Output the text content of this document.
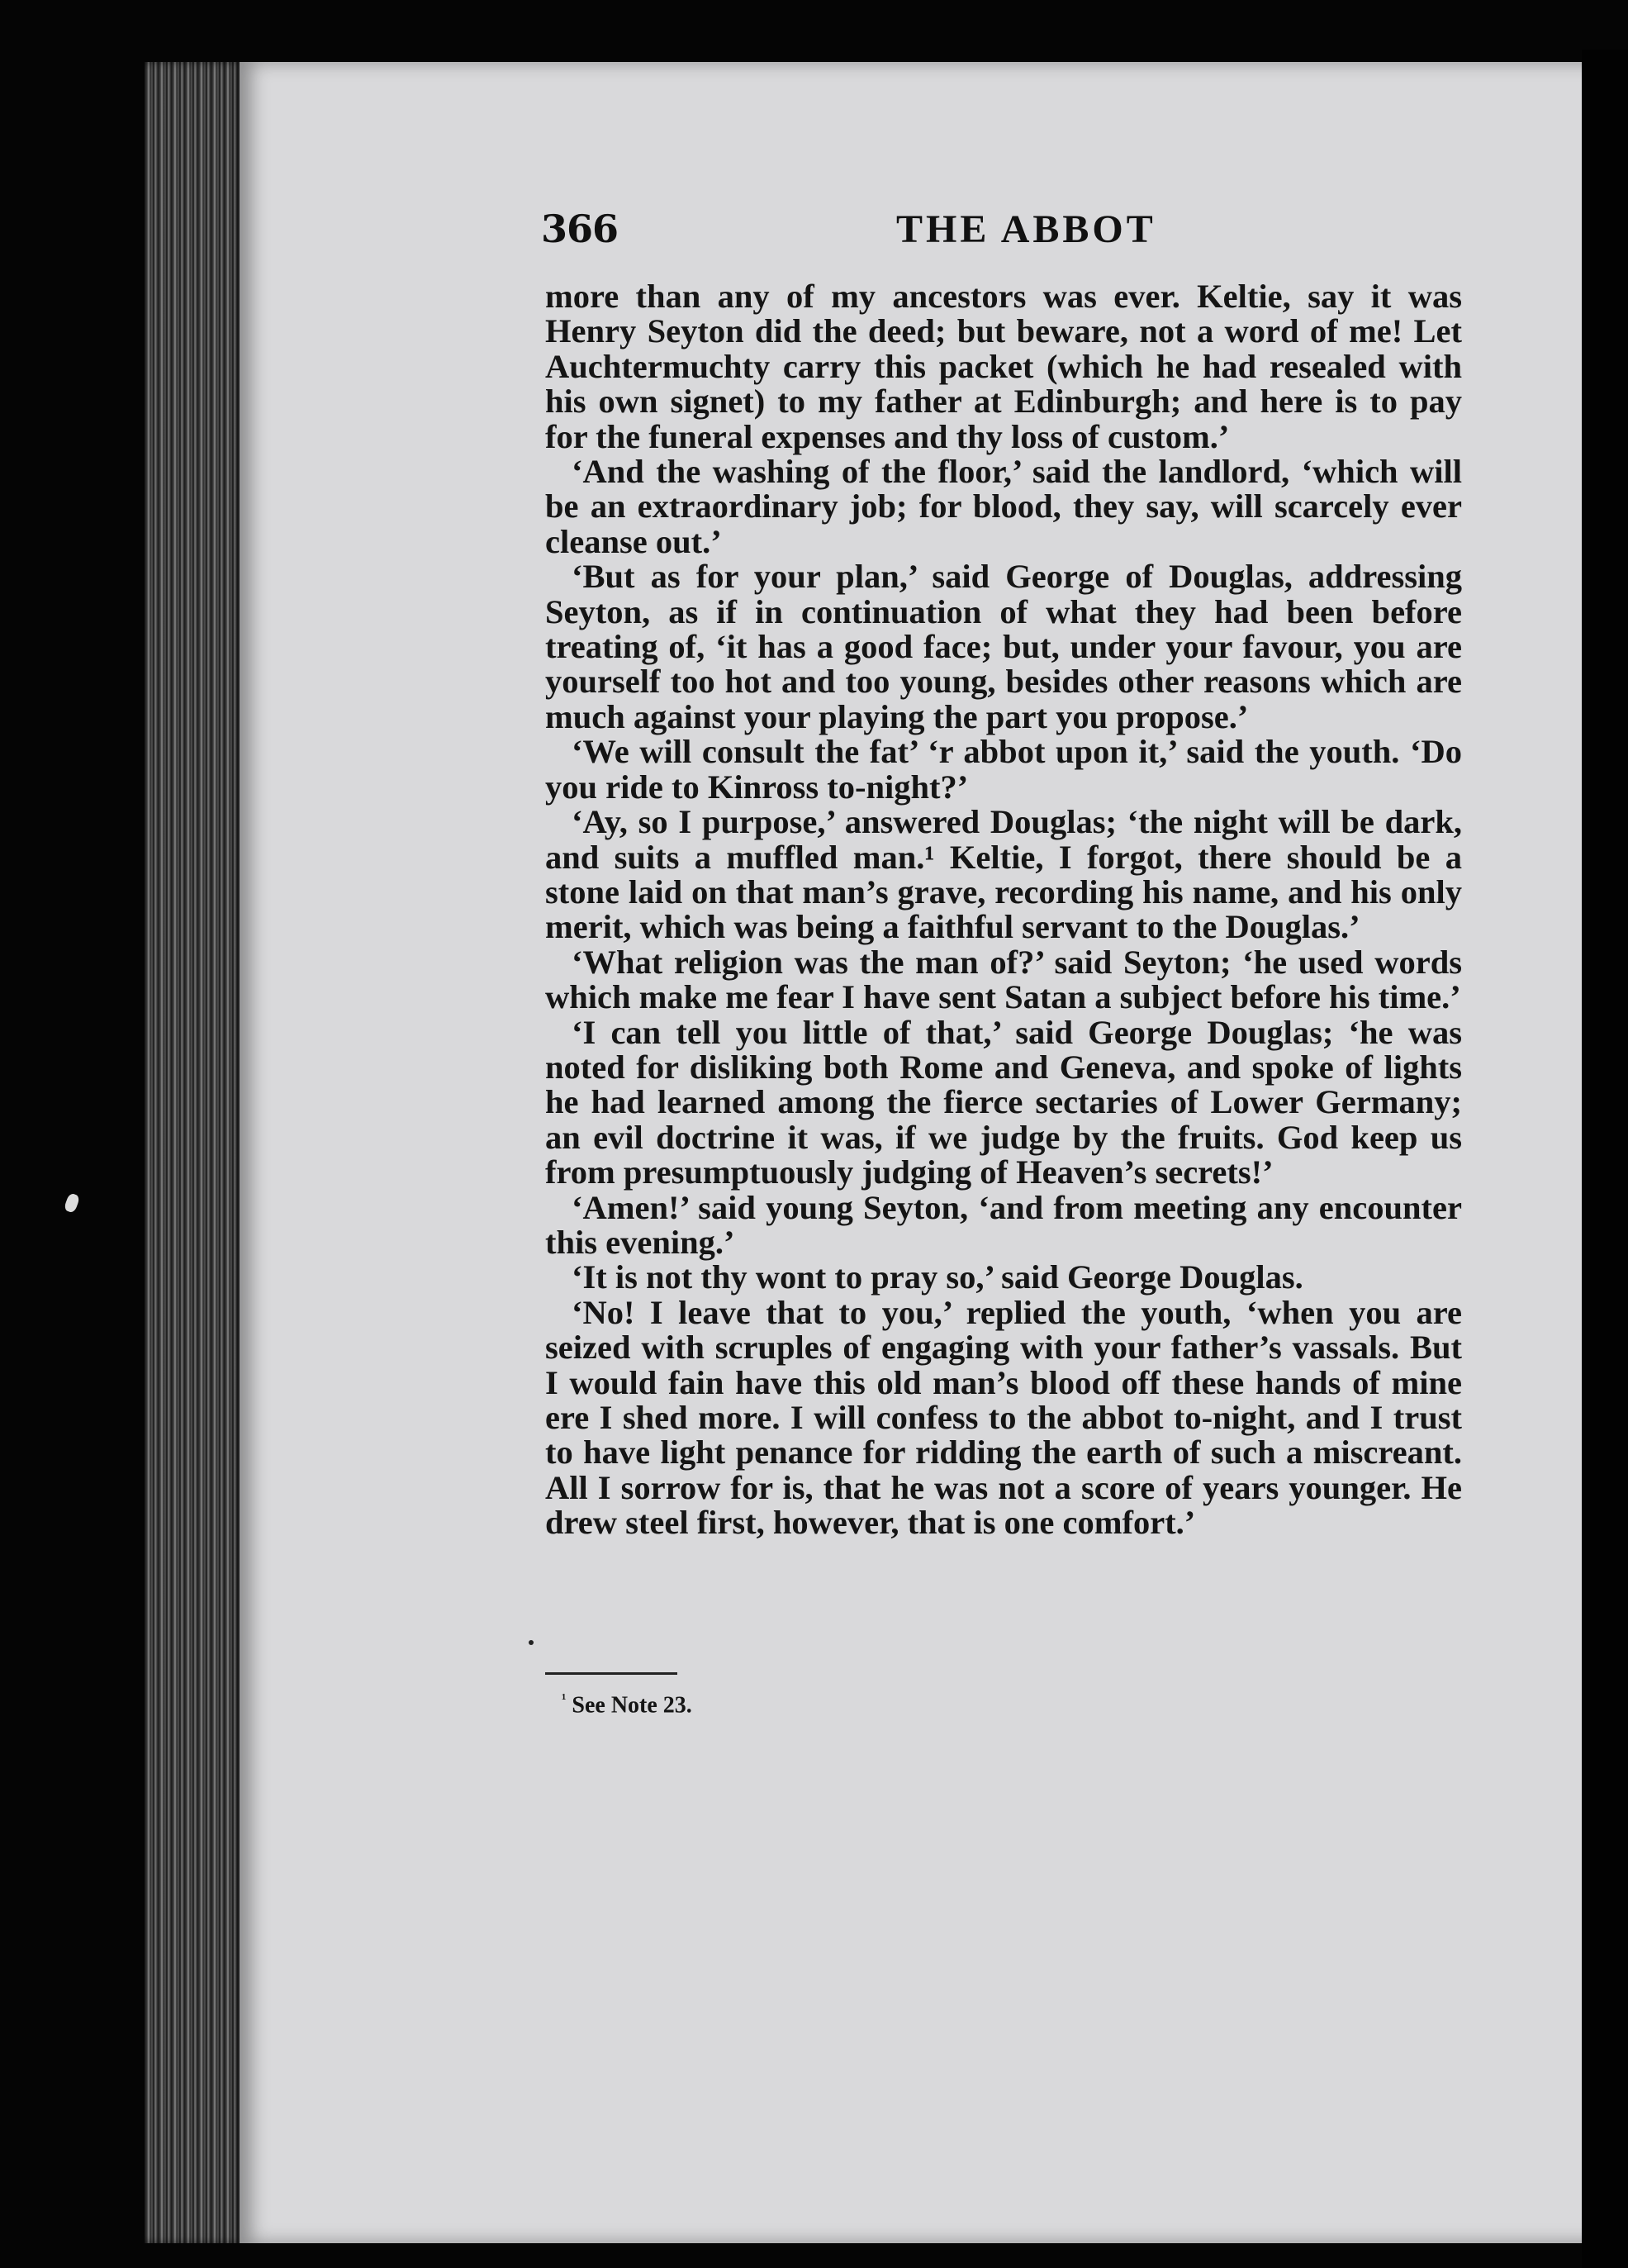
366	THE ABBOT

more than any of my ancestors was ever. Keltie, say it was Henry Seyton did the deed; but beware, not a word of me! Let Auchtermuchty carry this packet (which he had resealed with his own signet) to my father at Edinburgh; and here is to pay for the funeral expenses and thy loss of custom.’

‘And the washing of the floor,’ said the landlord, ‘which will be an extraordinary job; for blood, they say, will scarcely ever cleanse out.’

‘But as for your plan,’ said George of Douglas, addressing Seyton, as if in continuation of what they had been before treating of, ‘it has a good face; but, under your favour, you are yourself too hot and too young, besides other reasons which are much against your playing the part you propose.’

‘We will consult the fat’ ‘r abbot upon it,’ said the youth. ‘Do you ride to Kinross to-night?’

‘Ay, so I purpose,’ answered Douglas; ‘the night will be dark, and suits a muffled man.¹ Keltie, I forgot, there should be a stone laid on that man’s grave, recording his name, and his only merit, which was being a faithful servant to the Douglas.’

‘What religion was the man of?’ said Seyton; ‘he used words which make me fear I have sent Satan a subject before his time.’

‘I can tell you little of that,’ said George Douglas; ‘he was noted for disliking both Rome and Geneva, and spoke of lights he had learned among the fierce sectaries of Lower Germany; an evil doctrine it was, if we judge by the fruits. God keep us from presumptuously judging of Heaven’s secrets!’

‘Amen!’ said young Seyton, ‘and from meeting any encounter this evening.’

‘It is not thy wont to pray so,’ said George Douglas.

‘No! I leave that to you,’ replied the youth, ‘when you are seized with scruples of engaging with your father’s vassals. But I would fain have this old man’s blood off these hands of mine ere I shed more. I will confess to the abbot to-night, and I trust to have light penance for ridding the earth of such a miscreant. All I sorrow for is, that he was not a score of years younger. He drew steel first, however, that is one comfort.’

$^{^1}$ See Note 23.
